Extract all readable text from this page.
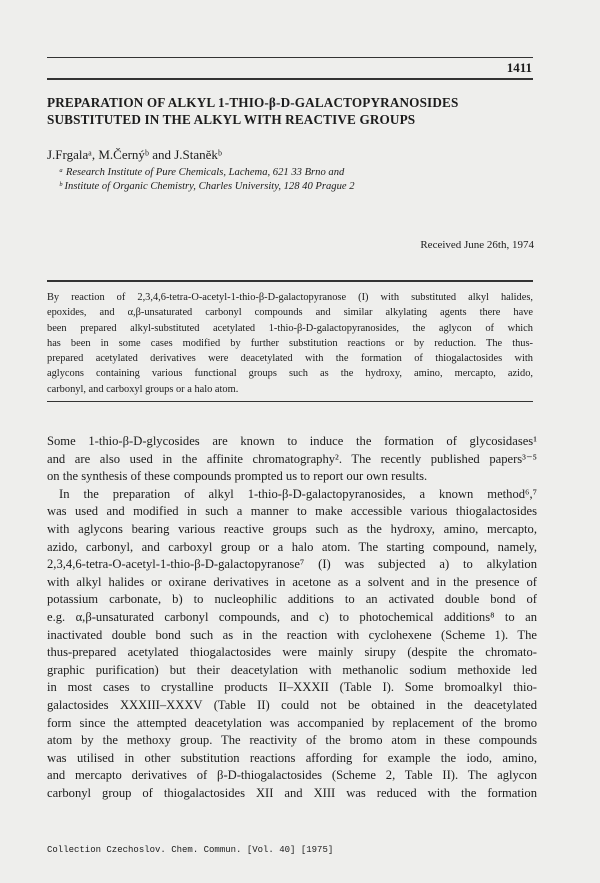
1411
PREPARATION OF ALKYL 1-THIO-β-D-GALACTOPYRANOSIDES
SUBSTITUTED IN THE ALKYL WITH REACTIVE GROUPS
J.Frgalaᵃ, M.Černýᵇ and J.Staněkᵇ
ᵃ Research Institute of Pure Chemicals, Lachema, 621 33 Brno and
ᵇ Institute of Organic Chemistry, Charles University, 128 40 Prague 2
Received June 26th, 1974
By reaction of 2,3,4,6-tetra-O-acetyl-1-thio-β-D-galactopyranose (I) with substituted alkyl halides,
epoxides, and α,β-unsaturated carbonyl compounds and similar alkylating agents there have
been prepared alkyl-substituted acetylated 1-thio-β-D-galactopyranosides, the aglycon of which
has been in some cases modified by further substitution reactions or by reduction. The thus-
prepared acetylated derivatives were deacetylated with the formation of thiogalactosides with
aglycons containing various functional groups such as the hydroxy, amino, mercapto, azido,
carbonyl, and carboxyl groups or a halo atom.
Some 1-thio-β-D-glycosides are known to induce the formation of glycosidases¹
and are also used in the affinite chromatography². The recently published papers³⁻⁵
on the synthesis of these compounds prompted us to report our own results.
In the preparation of alkyl 1-thio-β-D-galactopyranosides, a known method⁶,⁷
was used and modified in such a manner to make accessible various thiogalactosides
with aglycons bearing various reactive groups such as the hydroxy, amino, mercapto,
azido, carbonyl, and carboxyl group or a halo atom. The starting compound, namely,
2,3,4,6-tetra-O-acetyl-1-thio-β-D-galactopyranose⁷ (I) was subjected a) to alkylation
with alkyl halides or oxirane derivatives in acetone as a solvent and in the presence of
potassium carbonate, b) to nucleophilic additions to an activated double bond of
e.g. α,β-unsaturated carbonyl compounds, and c) to photochemical additions⁸ to an
inactivated double bond such as in the reaction with cyclohexene (Scheme 1). The
thus-prepared acetylated thiogalactosides were mainly sirupy (despite the chromato-
graphic purification) but their deacetylation with methanolic sodium methoxide led
in most cases to crystalline products II–XXXII (Table I). Some bromoalkyl thio-
galactosides XXXIII–XXXV (Table II) could not be obtained in the deacetylated
form since the attempted deacetylation was accompanied by replacement of the bromo
atom by the methoxy group. The reactivity of the bromo atom in these compounds
was utilised in other substitution reactions affording for example the iodo, amino,
and mercapto derivatives of β-D-thiogalactosides (Scheme 2, Table II). The aglycon
carbonyl group of thiogalactosides XII and XIII was reduced with the formation
Collection Czechoslov. Chem. Commun. [Vol. 40] [1975]
